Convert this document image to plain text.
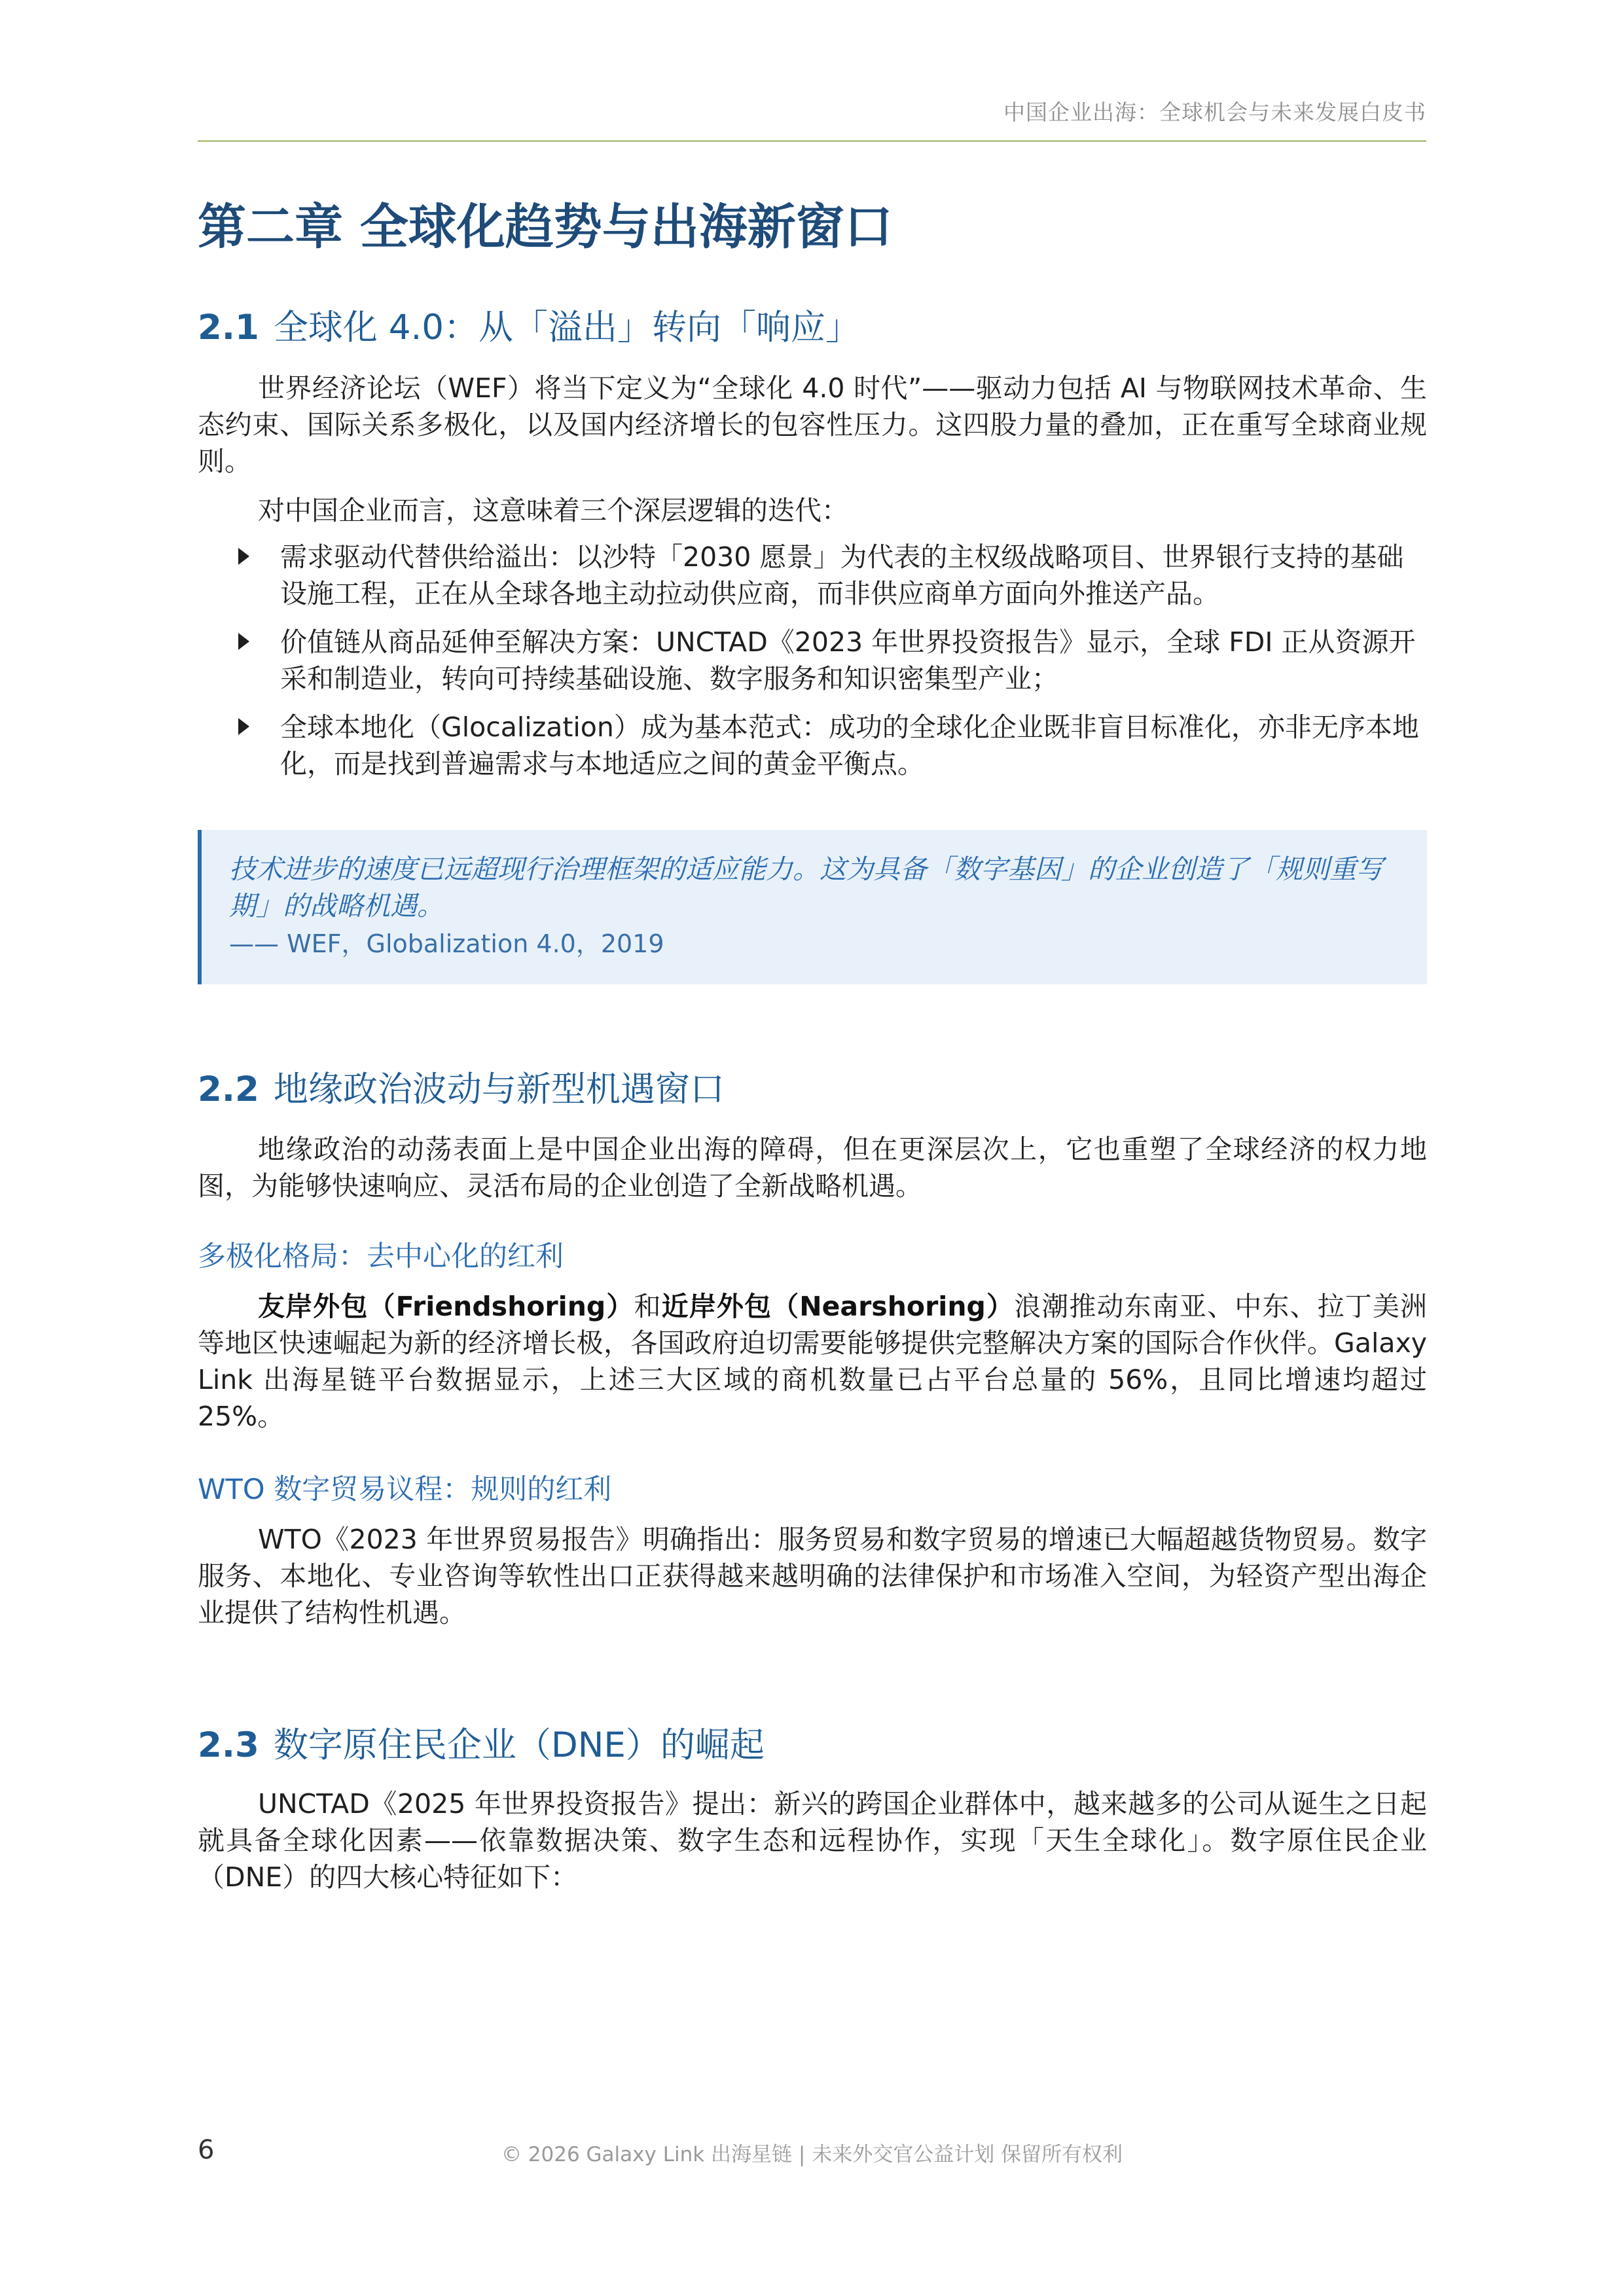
中国企业出海：全球机会与未来发展白皮书
第二章 全球化趋势与出海新窗口
2.1 全球化 4.0：从「溢出」转向「响应」

世界经济论坛（WEF）将当下定义为“全球化 4.0 时代”——驱动力包括 AI 与物联网技术革命、生态约束、国际关系多极化，以及国内经济增长的包容性压力。这四股力量的叠加，正在重写全球商业规则。

对中国企业而言，这意味着三个深层逻辑的迭代：

需求驱动代替供给溢出：以沙特「2030 愿景」为代表的主权级战略项目、世界银行支持的基础设施工程，正在从全球各地主动拉动供应商，而非供应商单方面向外推送产品。
价值链从商品延伸至解决方案：UNCTAD《2023 年世界投资报告》显示，全球 FDI 正从资源开采和制造业，转向可持续基础设施、数字服务和知识密集型产业；
全球本地化（Glocalization）成为基本范式：成功的全球化企业既非盲目标准化，亦非无序本地化，而是找到普遍需求与本地适应之间的黄金平衡点。
技术进步的速度已远超现行治理框架的适应能力。这为具备「数字基因」的企业创造了「规则重写期」的战略机遇。
—— WEF，Globalization 4.0，2019
2.2 地缘政治波动与新型机遇窗口

地缘政治的动荡表面上是中国企业出海的障碍，但在更深层次上，它也重塑了全球经济的权力地图，为能够快速响应、灵活布局的企业创造了全新战略机遇。

多极化格局：去中心化的红利

友岸外包（Friendshoring）和近岸外包（Nearshoring）浪潮推动东南亚、中东、拉丁美洲等地区快速崛起为新的经济增长极，各国政府迫切需要能够提供完整解决方案的国际合作伙伴。Galaxy Link 出海星链平台数据显示，上述三大区域的商机数量已占平台总量的 56%，且同比增速均超过 25%。

WTO 数字贸易议程：规则的红利

WTO《2023 年世界贸易报告》明确指出：服务贸易和数字贸易的增速已大幅超越货物贸易。数字服务、本地化、专业咨询等软性出口正获得越来越明确的法律保护和市场准入空间，为轻资产型出海企业提供了结构性机遇。

2.3 数字原住民企业（DNE）的崛起

UNCTAD《2025 年世界投资报告》提出：新兴的跨国企业群体中，越来越多的公司从诞生之日起就具备全球化因素——依靠数据决策、数字生态和远程协作，实现「天生全球化」。数字原住民企业（DNE）的四大核心特征如下：

6	© 2026 Galaxy Link 出海星链 | 未来外交官公益计划 保留所有权利
